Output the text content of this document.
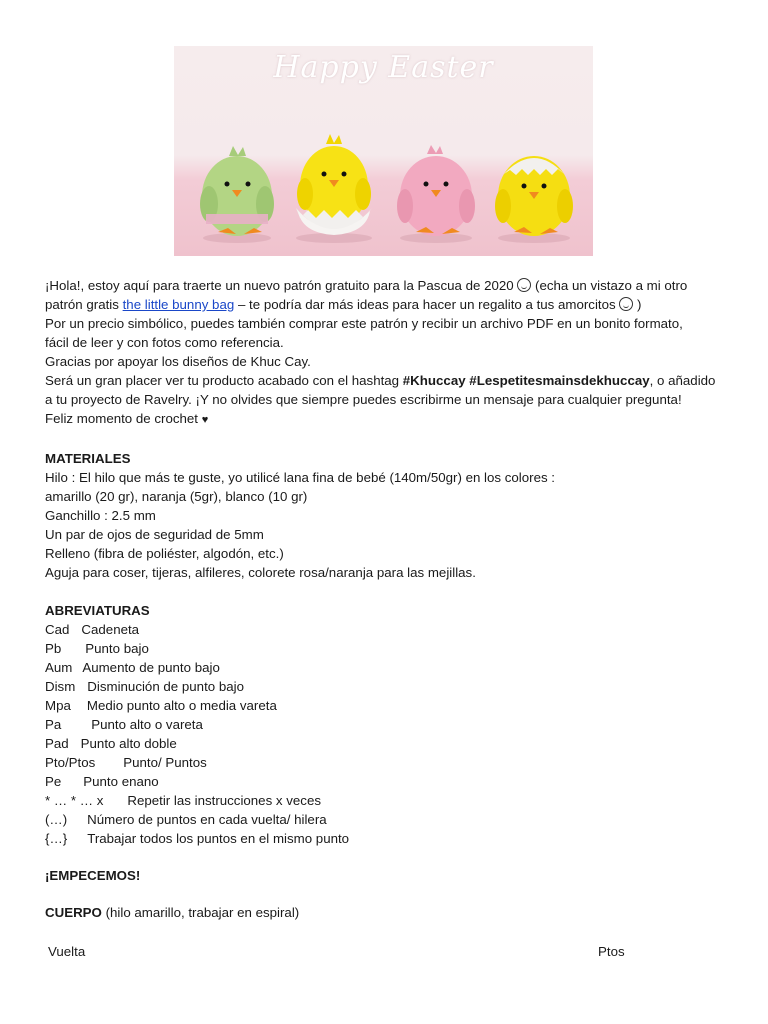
Happy Easter
¡Hola!, estoy aquí para traerte un nuevo patrón gratuito para la Pascua de 2020  (echa un vistazo a mi otro
patrón gratis the little bunny bag – te podría dar más ideas para hacer un regalito a tus amorcitos  )
Por un precio simbólico, puedes también comprar este patrón y recibir un archivo PDF en un bonito formato,
fácil de leer y con fotos como referencia.
Gracias por apoyar los diseños de Khuc Cay.
Será un gran placer ver tu producto acabado con el hashtag #Khuccay #Lespetitesmainsdekhuccay, o añadido
a tu proyecto de Ravelry. ¡Y no olvides que siempre puedes escribirme un mensaje para cualquier pregunta!
Feliz momento de crochet ♥
MATERIALES
Hilo : El hilo que más te guste, yo utilicé lana fina de bebé (140m/50gr) en los colores :
amarillo (20 gr), naranja (5gr), blanco (10 gr)
Ganchillo : 2.5 mm
Un par de ojos de seguridad de 5mm
Relleno (fibra de poliéster, algodón, etc.)
Aguja para coser, tijeras, alfileres, colorete rosa/naranja para las mejillas.
ABREVIATURAS
Cad Cadeneta
Pb Punto bajo
Aum Aumento de punto bajo
Dism Disminución de punto bajo
Mpa Medio punto alto o media vareta
Pa Punto alto o vareta
Pad Punto alto doble
Pto/Ptos Punto/ Puntos
Pe Punto enano
* … * … x Repetir las instrucciones x veces
(…) Número de puntos en cada vuelta/ hilera
{…} Trabajar todos los puntos en el mismo punto
¡EMPECEMOS!
CUERPO (hilo amarillo, trabajar en espiral)
Vuelta	Ptos
